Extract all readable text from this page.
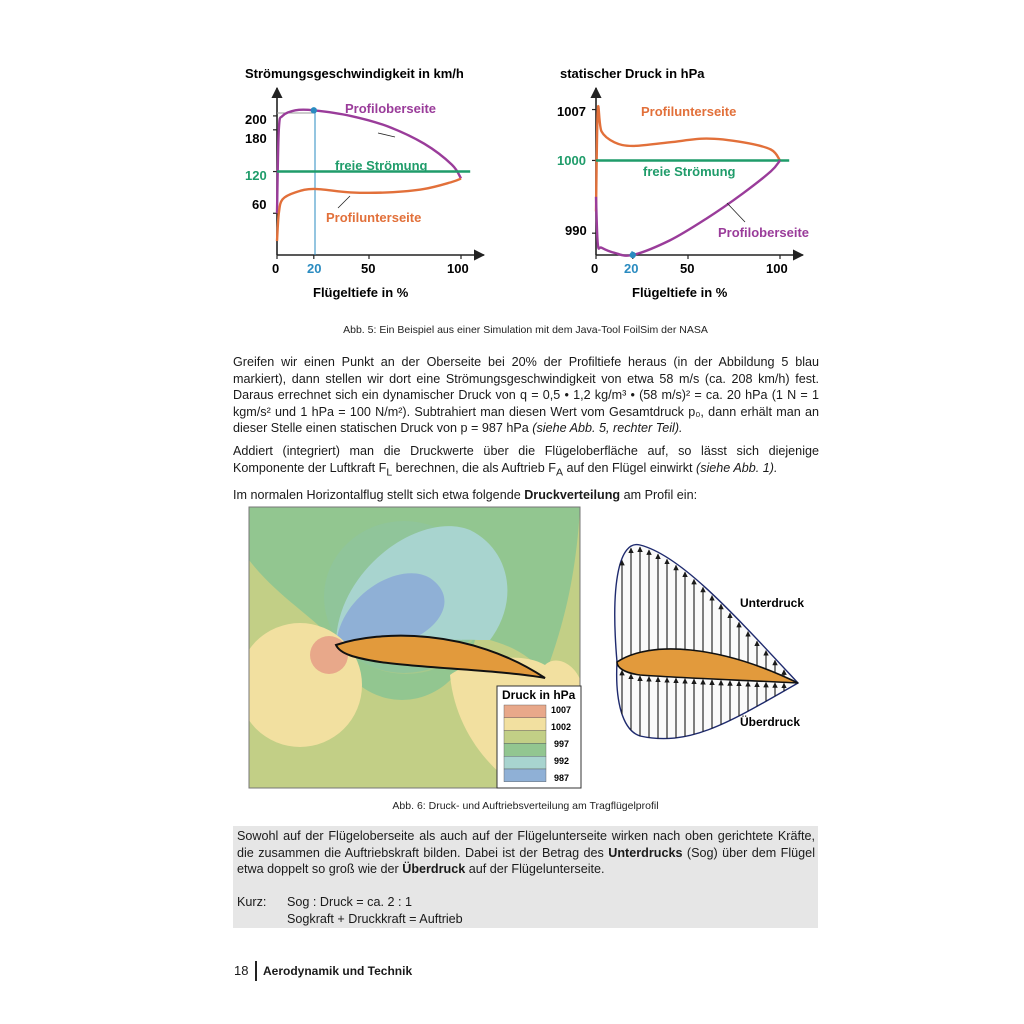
Strömungsgeschwindigkeit in km/h
200
180
120
60
0 20	50	100
Flügeltiefe in %
Profiloberseite
freie Strömung
Profilunterseite
statischer Druck in hPa
1007
1000
990
0 20	50	100
Flügeltiefe in %
Profilunterseite
freie Strömung
Profiloberseite
Abb. 5: Ein Beispiel aus einer Simulation mit dem Java-Tool FoilSim der NASA

Greifen wir einen Punkt an der Oberseite bei 20% der Profiltiefe heraus (in der Abbildung 5 blau markiert), dann stellen wir dort eine Strömungsgeschwindigkeit von etwa 58 m/s (ca. 208 km/h) fest. Daraus errechnet sich ein dynamischer Druck von q = 0,5 • 1,2 kg/m³ • (58 m/s)² = ca. 20 hPa (1 N = 1 kgm/s² und 1 hPa = 100 N/m²). Subtrahiert man diesen Wert vom Gesamtdruck p₀, dann erhält man an dieser Stelle einen statischen Druck von p = 987 hPa (siehe Abb. 5, rechter Teil).

Addiert (integriert) man die Druckwerte über die Flügeloberfläche auf, so lässt sich diejenige Komponente der Luftkraft $F_L$ berechnen, die als Auftrieb $F_A$ auf den Flügel einwirkt (siehe Abb. 1).

Im normalen Horizontalflug stellt sich etwa folgende Druckverteilung am Profil ein:

Druck in hPa
1007
1002
997
992
987
Unterdruck
Überdruck
Abb. 6: Druck- und Auftriebsverteilung am Tragflügelprofil

Sowohl auf der Flügeloberseite als auch auf der Flügelunterseite wirken nach oben gerichtete Kräfte, die zusammen die Auftriebskraft bilden. Dabei ist der Betrag des Unterdrucks (Sog) über dem Flügel etwa doppelt so groß wie der Überdruck auf der Flügelunterseite.

Kurz: Sog : Druck = ca. 2 : 1
Sogkraft + Druckkraft = Auftrieb
18 Aerodynamik und Technik
